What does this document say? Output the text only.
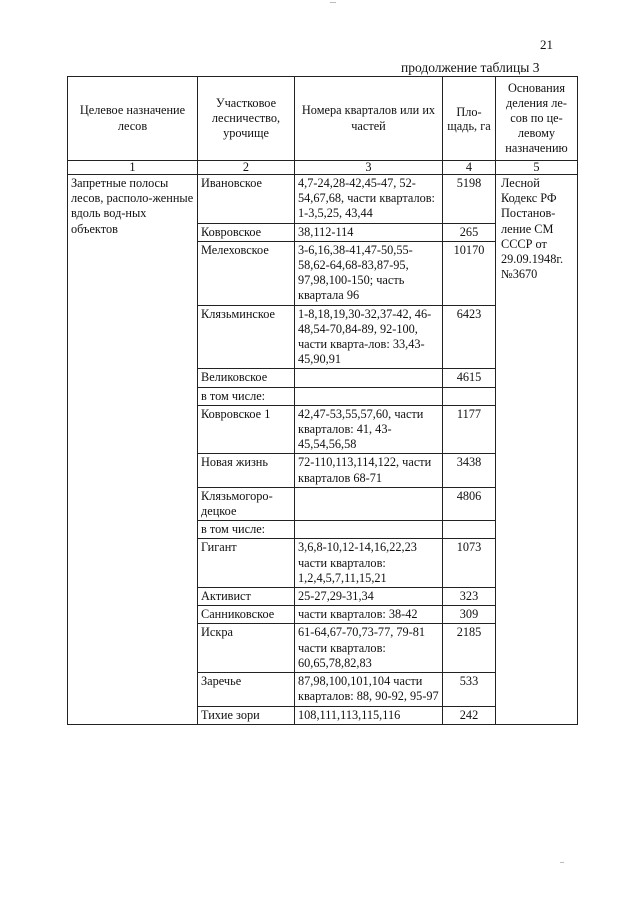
21
продолжение таблицы 3
Целевое назначение лесов	Участковое лесничество, урочище	Номера кварталов или их частей	Пло-щадь, га	Основания деления ле-сов по це-левому назначению
1	2	3	4	5
Запретные полосы лесов, располо-женные вдоль вод-ных объектов	Ивановское	4,7-24,28-42,45-47, 52-54,67,68, части кварталов: 1-3,5,25, 43,44	5198	Лесной Кодекс РФ Постанов-ление СМ СССР от 29.09.1948г. №3670
	Ковровское	38,112-114	265	
	Мелеховское	3-6,16,38-41,47-50,55-58,62-64,68-83,87-95, 97,98,100-150; часть квартала 96	10170	
	Клязьминское	1-8,18,19,30-32,37-42, 46-48,54-70,84-89, 92-100, части кварта-лов: 33,43-45,90,91	6423	
	Великовское		4615	
	в том числе:			
	Ковровское 1	42,47-53,55,57,60, части кварталов: 41, 43-45,54,56,58	1177	
	Новая жизнь	72-110,113,114,122, части кварталов 68-71	3438	
	Клязьмогоро-децкое		4806	
	в том числе:			
	Гигант	3,6,8-10,12-14,16,22,23 части кварталов: 1,2,4,5,7,11,15,21	1073	
	Активист	25-27,29-31,34	323	
	Санниковское	части кварталов: 38-42	309	
	Искра	61-64,67-70,73-77, 79-81 части кварталов: 60,65,78,82,83	2185	
	Заречье	87,98,100,101,104 части кварталов: 88, 90-92, 95-97	533	
	Тихие зори	108,111,113,115,116	242	
